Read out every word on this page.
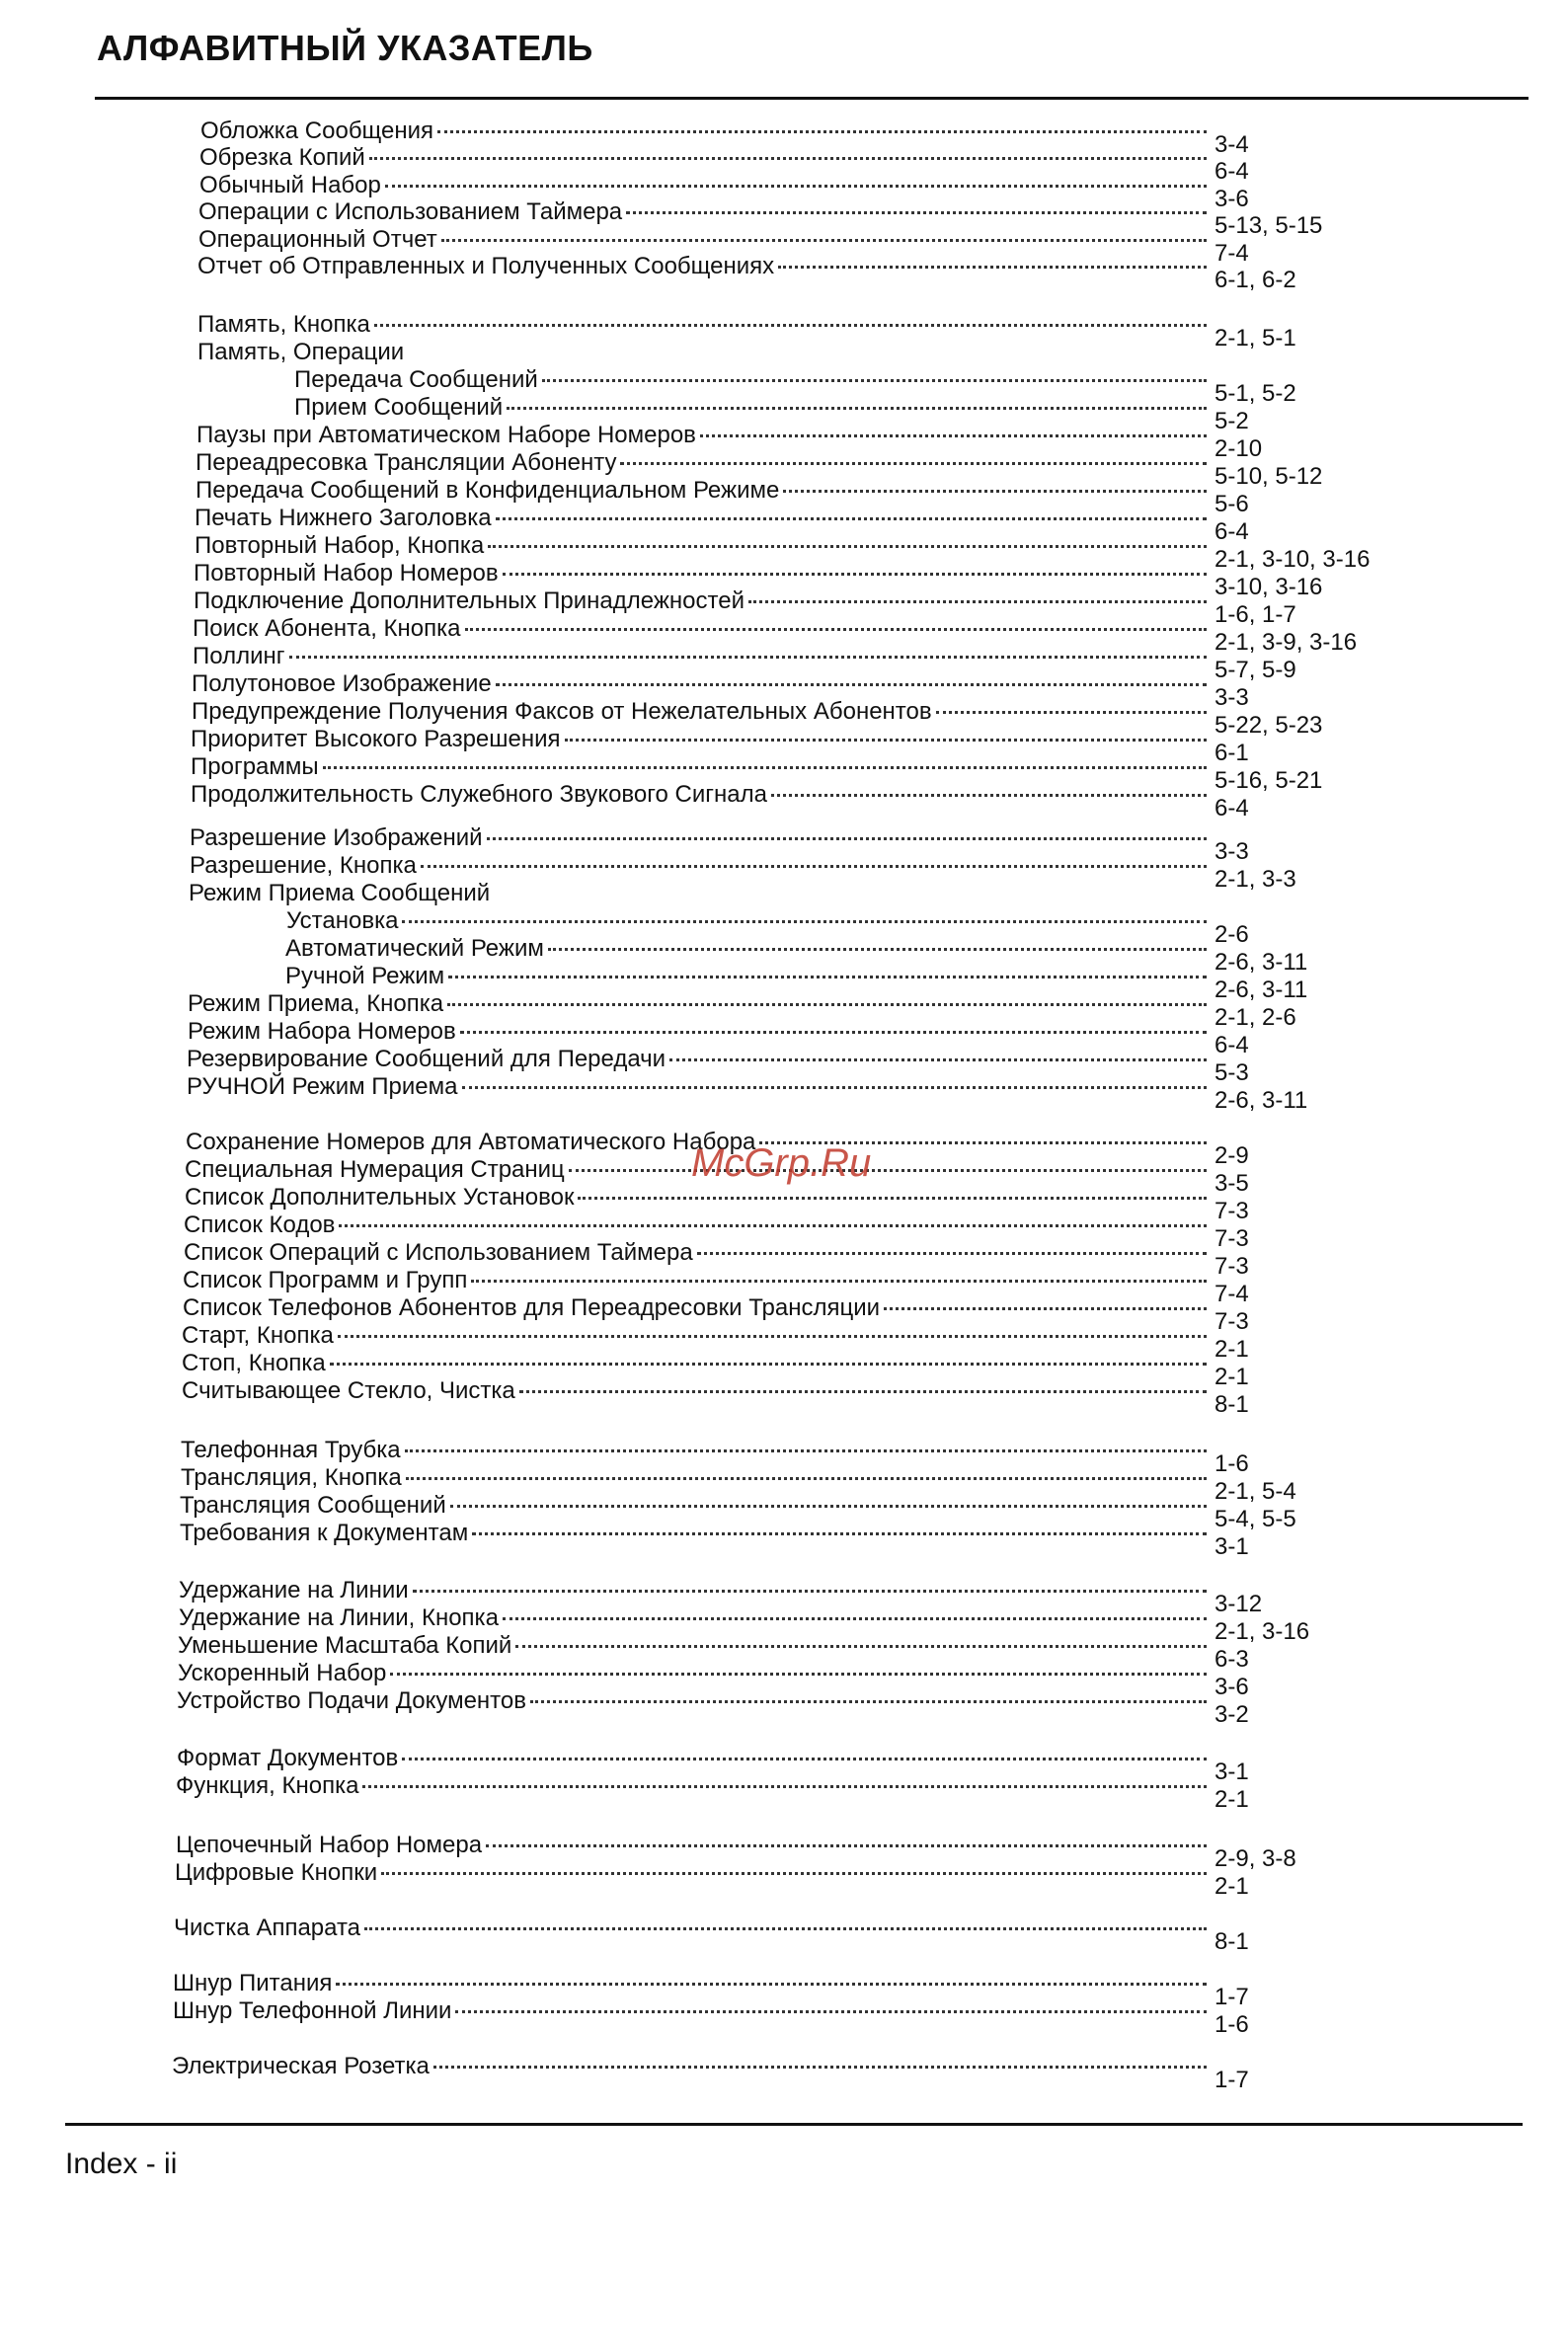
АЛФАВИТНЫЙ УКАЗАТЕЛЬ
Обложка Сообщения
3-4
Обрезка Копий
6-4
Обычный Набор
3-6
Операции с Использованием Таймера
5-13, 5-15
Операционный Отчет
7-4
Отчет об Отправленных и Полученных Сообщениях
6-1, 6-2
Память, Кнопка
2-1, 5-1
Память, Операции
Передача Сообщений
5-1, 5-2
Прием Сообщений
5-2
Паузы при Автоматическом Наборе Номеров
2-10
Переадресовка Трансляции Абоненту
5-10, 5-12
Передача Сообщений в Конфиденциальном Режиме
5-6
Печать Нижнего Заголовка
6-4
Повторный Набор, Кнопка
2-1, 3-10, 3-16
Повторный Набор Номеров
3-10, 3-16
Подключение Дополнительных Принадлежностей
1-6, 1-7
Поиск Абонента, Кнопка
2-1, 3-9, 3-16
Поллинг
5-7, 5-9
Полутоновое Изображение
3-3
Предупреждение Получения Факсов от Нежелательных Абонентов
5-22, 5-23
Приоритет Высокого Разрешения
6-1
Программы
5-16, 5-21
Продолжительность Служебного Звукового Сигнала
6-4
Разрешение Изображений
3-3
Разрешение, Кнопка
2-1, 3-3
Режим Приема Сообщений
Установка
2-6
Автоматический Режим
2-6, 3-11
Ручной Режим
2-6, 3-11
Режим Приема, Кнопка
2-1, 2-6
Режим Набора Номеров
6-4
Резервирование Сообщений для Передачи
5-3
РУЧНОЙ Режим Приема
2-6, 3-11
Сохранение Номеров для Автоматического Набора
2-9
Специальная Нумерация Страниц
3-5
Список Дополнительных Установок
7-3
Список Кодов
7-3
Список Операций с Использованием Таймера
7-3
Список Программ и Групп
7-4
Список Телефонов Абонентов для Переадресовки Трансляции
7-3
Старт, Кнопка
2-1
Стоп, Кнопка
2-1
Считывающее Стекло, Чистка
8-1
Телефонная Трубка
1-6
Трансляция, Кнопка
2-1, 5-4
Трансляция Сообщений
5-4, 5-5
Требования к Документам
3-1
Удержание на Линии
3-12
Удержание на Линии, Кнопка
2-1, 3-16
Уменьшение Масштаба Копий
6-3
Ускоренный Набор
3-6
Устройство Подачи Документов
3-2
Формат Документов
3-1
Функция, Кнопка
2-1
Цепочечный Набор Номера
2-9, 3-8
Цифровые Кнопки
2-1
Чистка Аппарата
8-1
Шнур Питания
1-7
Шнур Телефонной Линии
1-6
Электрическая Розетка
1-7
McGrp.Ru
Index - ii
